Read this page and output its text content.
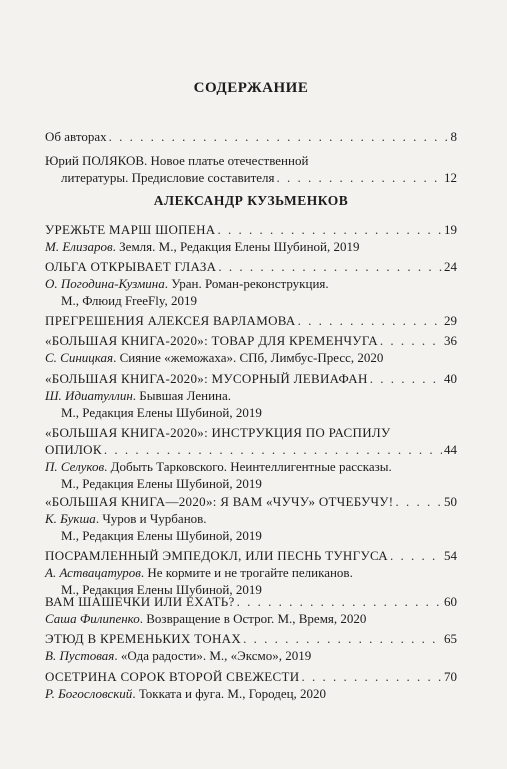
СОДЕРЖАНИЕ
Об авторах . . .	8
Юрий ПОЛЯКОВ. Новое платье отечественной
литературы. Предисловие составителя . . .	12
АЛЕКСАНДР КУЗЬМЕНКОВ
УРЕЖЬТЕ МАРШ ШОПЕНА . . .	19
М. Елизаров. Земля. М., Редакция Елены Шубиной, 2019
ОЛЬГА ОТКРЫВАЕТ ГЛАЗА . . .	24
О. Погодина-Кузмина. Уран. Роман-реконструкция.
М., Флюид FreeFly, 2019
ПРЕГРЕШЕНИЯ АЛЕКСЕЯ ВАРЛАМОВА . . .	29
«БОЛЬШАЯ КНИГА-2020»: ТОВАР ДЛЯ КРЕМЕНЧУГА . . .	36
С. Синицкая. Сияние «жеможаха». СПб, Лимбус-Пресс, 2020
«БОЛЬШАЯ КНИГА-2020»: МУСОРНЫЙ ЛЕВИАФАН . . .	40
Ш. Идиатуллин. Бывшая Ленина.
М., Редакция Елены Шубиной, 2019
«БОЛЬШАЯ КНИГА-2020»: ИНСТРУКЦИЯ ПО РАСПИЛУ
ОПИЛОК . . .	44
П. Селуков. Добыть Тарковского. Неинтеллигентные рассказы.
М., Редакция Елены Шубиной, 2019
«БОЛЬШАЯ КНИГА—2020»: Я ВАМ «ЧУЧУ» ОТЧЕБУЧУ! . . .	50
К. Букша. Чуров и Чурбанов.
М., Редакция Елены Шубиной, 2019
ПОСРАМЛЕННЫЙ ЭМПЕДОКЛ, ИЛИ ПЕСНЬ ТУНГУСА . . .	54
А. Аствацатуров. Не кормите и не трогайте пеликанов.
М., Редакция Елены Шубиной, 2019
ВАМ ШАШЕЧКИ ИЛИ ЕХАТЬ? . . .	60
Саша Филипенко. Возвращение в Острог. М., Время, 2020
ЭТЮД В КРЕМЕНЬКИХ ТОНАХ . . .	65
В. Пустовая. «Ода радости». М., «Эксмо», 2019
ОСЕТРИНА СОРОК ВТОРОЙ СВЕЖЕСТИ . . .	70
Р. Богословский. Токката и фуга. М., Городец, 2020
